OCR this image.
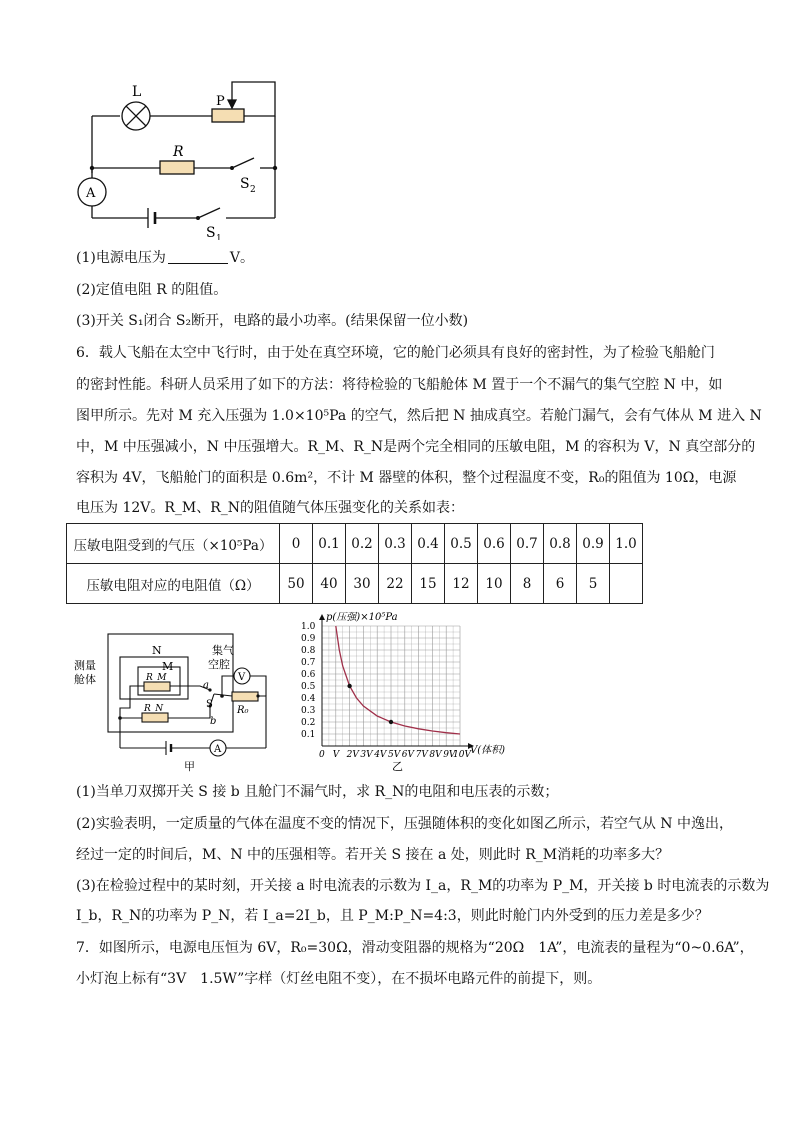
L
P
R
S 2
A
S 1
(1)电源电压为	V。
(2)定值电阻 R 的阻值。
(3)开关 S₁闭合 S₂断开，电路的最小功率。(结果保留一位小数)
6．载人飞船在太空中飞行时，由于处在真空环境，它的舱门必须具有良好的密封性，为了检验飞船舱门
的密封性能。科研人员采用了如下的方法：将待检验的飞船舱体 M 置于一个不漏气的集气空腔 N 中，如
图甲所示。先对 M 充入压强为 1.0×10⁵Pa 的空气，然后把 N 抽成真空。若舱门漏气，会有气体从 M 进入 N
中，M 中压强减小，N 中压强增大。R_M、R_N是两个完全相同的压敏电阻，M 的容积为 V，N 真空部分的
容积为 4V，飞船舱门的面积是 0.6m²，不计 M 器壁的体积，整个过程温度不变，R₀的阻值为 10Ω，电源
电压为 12V。R_M、R_N的阻值随气体压强变化的关系如表：
压敏电阻受到的气压（×10⁵Pa）	0	0.1	0.2	0.3	0.4	0.5	0.6	0.7	0.8	0.9	1.0
压敏电阻对应的电阻值（Ω）	50	40	30	22	15	12	10	8	6	5	
测量
舱体
N
M
集气
空腔
R_M
R_N	R₀
V
a
S
b
A
甲
0 V 2V 3V 4V 5V 6V 7V 8V 9V
10V
0.1
0.2
0.3
0.4
0.5
0.6
0.7
0.8
0.9
1.0
p(压强)×10⁵Pa
V(体积)
乙
(1)当单刀双掷开关 S 接 b 且舱门不漏气时，求 R_N的电阻和电压表的示数；
(2)实验表明，一定质量的气体在温度不变的情况下，压强随体积的变化如图乙所示，若空气从 N 中逸出，
经过一定的时间后，M、N 中的压强相等。若开关 S 接在 a 处，则此时 R_M消耗的功率多大？
(3)在检验过程中的某时刻，开关接 a 时电流表的示数为 I_a，R_M的功率为 P_M，开关接 b 时电流表的示数为
I_b，R_N的功率为 P_N，若 I_a=2I_b，且 P_M:P_N=4:3，则此时舱门内外受到的压力差是多少？
7．如图所示，电源电压恒为 6V，R₀=30Ω，滑动变阻器的规格为“20Ω　1A”，电流表的量程为“0~0.6A”，
小灯泡上标有“3V　1.5W”字样（灯丝电阻不变），在不损坏电路元件的前提下，则。
